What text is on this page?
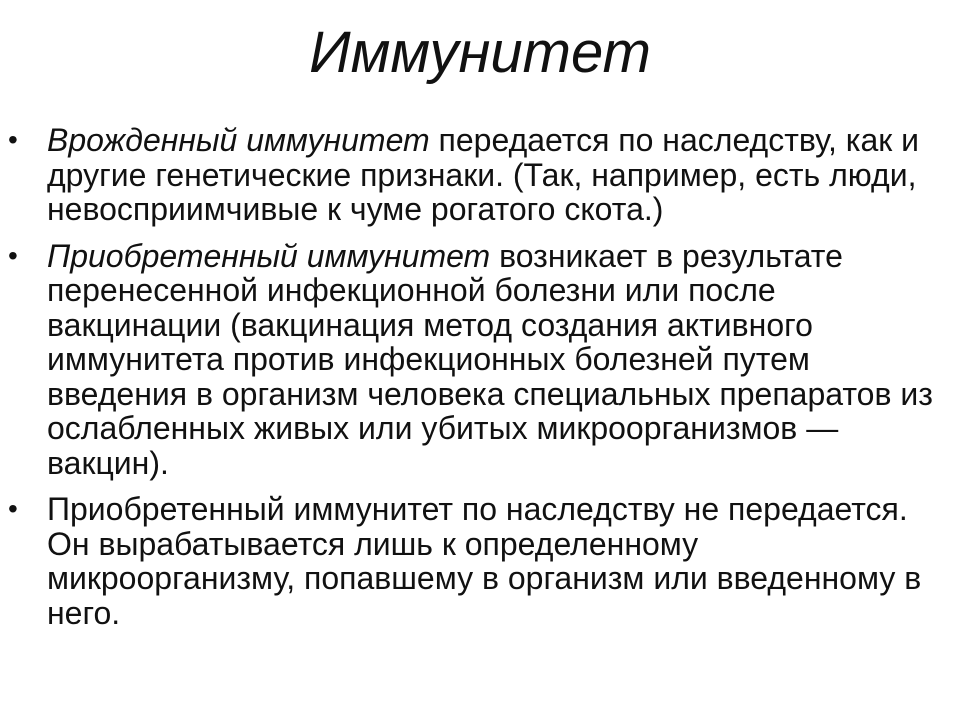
Иммунитет
• Врожденный иммунитет передается по наследству, как и другие генетические признаки. (Так, например, есть люди, невосприимчивые к чуме рогатого скота.)
• Приобретенный иммунитет возникает в результате перенесенной инфекционной болезни или после вакцинации (вакцинация метод создания активного иммунитета против инфекционных болезней путем введения в организм человека специальных препаратов из ослабленных живых или убитых микроорганизмов — вакцин).
• Приобретенный иммунитет по наследству не передается. Он вырабатывается лишь к определенному микроорганизму, попавшему в организм или введенному в него.
